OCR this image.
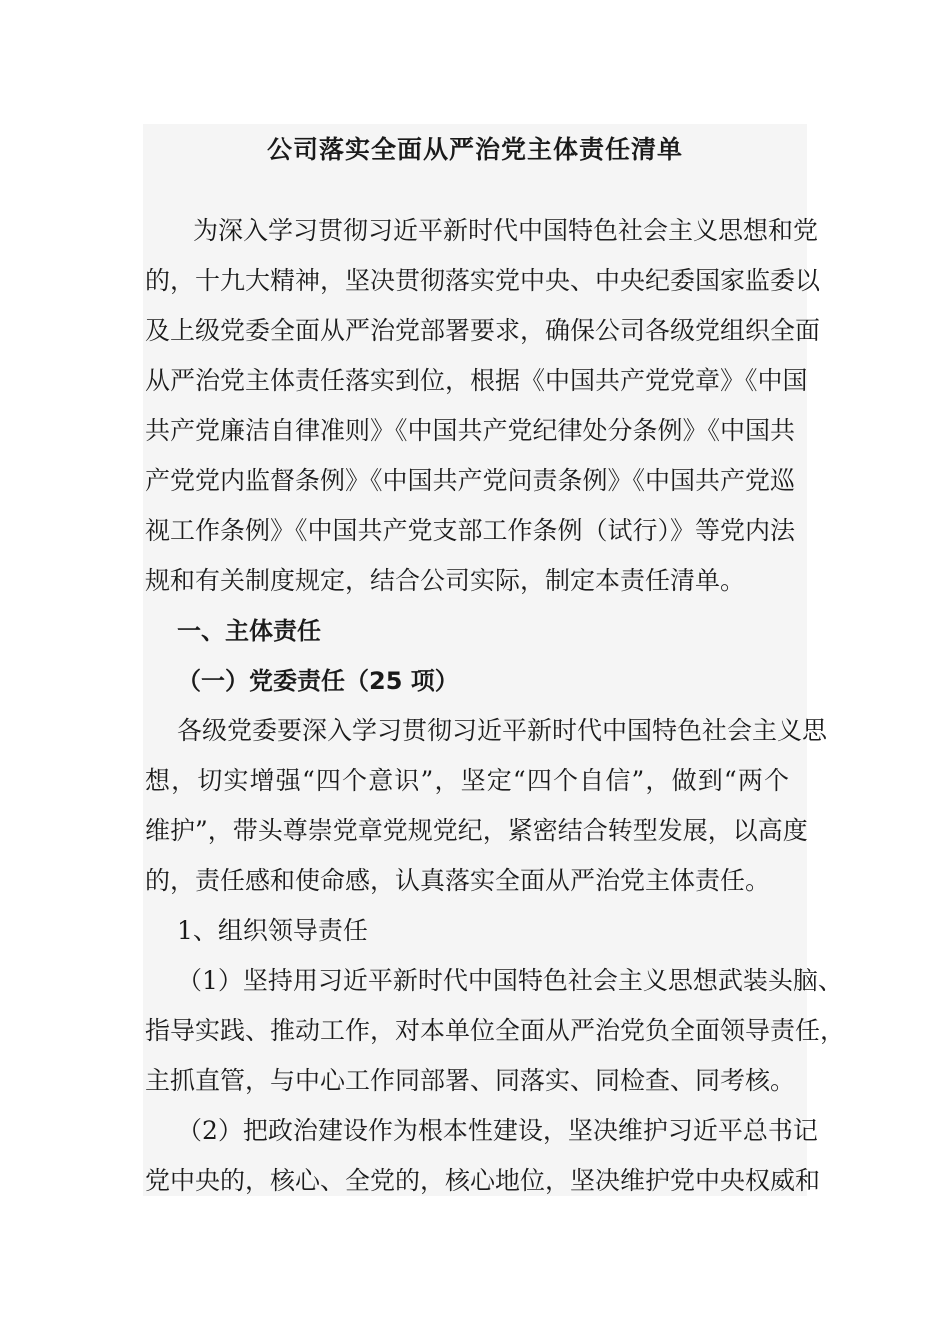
公司落实全面从严治党主体责任清单

为深入学习贯彻习近平新时代中国特色社会主义思想和党

的，十九大精神，坚决贯彻落实党中央、中央纪委国家监委以

及上级党委全面从严治党部署要求，确保公司各级党组织全面

从严治党主体责任落实到位，根据《中国共产党党章》《中国

共产党廉洁自律准则》《中国共产党纪律处分条例》《中国共

产党党内监督条例》《中国共产党问责条例》《中国共产党巡

视工作条例》《中国共产党支部工作条例（试行）》等党内法

规和有关制度规定，结合公司实际，制定本责任清单。

一、主体责任

（一）党委责任（25 项）

各级党委要深入学习贯彻习近平新时代中国特色社会主义思

想，切实增强“四个意识”，坚定“四个自信”，做到“两个

维护”，带头尊崇党章党规党纪，紧密结合转型发展，以高度

的，责任感和使命感，认真落实全面从严治党主体责任。

1、组织领导责任

（1）坚持用习近平新时代中国特色社会主义思想武装头脑、

指导实践、推动工作，对本单位全面从严治党负全面领导责任，

主抓直管，与中心工作同部署、同落实、同检查、同考核。

（2）把政治建设作为根本性建设，坚决维护习近平总书记

党中央的，核心、全党的，核心地位，坚决维护党中央权威和
